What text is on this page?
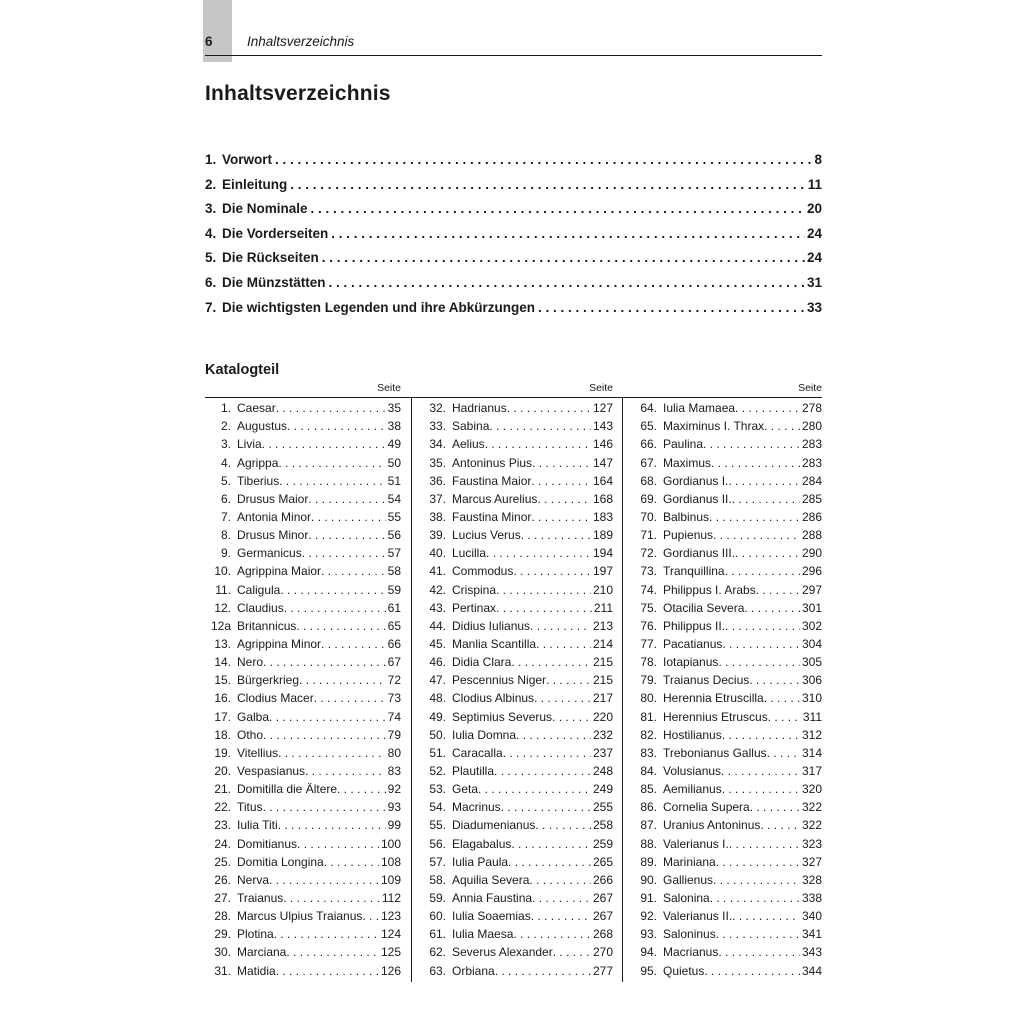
6	Inhaltsverzeichnis
Inhaltsverzeichnis
1. Vorwort . . .	8
2. Einleitung . . .	11
3. Die Nominale . . .	20
4. Die Vorderseiten . . .	24
5. Die Rückseiten . . .	24
6. Die Münzstätten . . .	31
7. Die wichtigsten Legenden und ihre Abkürzungen . . .	33
Katalogteil
Seite	Seite	Seite
1. Caesar . . .	35
2. Augustus . . .	38
3. Livia . . .	49
4. Agrippa . . .	50
5. Tiberius . . .	51
6. Drusus Maior . . .	54
7. Antonia Minor . . .	55
8. Drusus Minor . . .	56
9. Germanicus . . .	57
10. Agrippina Maior . . .	58
11. Caligula . . .	59
12. Claudius . . .	61
12a Britannicus . . .	65
13. Agrippina Minor . . .	66
14. Nero . . .	67
15. Bürgerkrieg . . .	72
16. Clodius Macer . . .	73
17. Galba . . .	74
18. Otho . . .	79
19. Vitellius . . .	80
20. Vespasianus . . .	83
21. Domitilla die Ältere . . .	92
22. Titus . . .	93
23. Iulia Titi . . .	99
24. Domitianus . . .	100
25. Domitia Longina . . .	108
26. Nerva . . .	109
27. Traianus . . .	112
28. Marcus Ulpius Traianus . . . 123
29. Plotina . . .	124
30. Marciana . . .	125
31. Matidia . . .	126
32. Hadrianus . . .	127
33. Sabina . . .	143
34. Aelius . . .	146
35. Antoninus Pius . . .	147
36. Faustina Maior . . .	164
37. Marcus Aurelius . . .	168
38. Faustina Minor . . .	183
39. Lucius Verus . . .	189
40. Lucilla . . .	194
41. Commodus . . .	197
42. Crispina . . .	210
43. Pertinax . . .	211
44. Didius Iulianus . . .	213
45. Manlia Scantilla . . .	214
46. Didia Clara . . .	215
47. Pescennius Niger . . .	215
48. Clodius Albinus . . .	217
49. Septimius Severus . . .	220
50. Iulia Domna . . .	232
51. Caracalla . . .	237
52. Plautilla . . .	248
53. Geta . . .	249
54. Macrinus . . .	255
55. Diadumenianus . . .	258
56. Elagabalus . . .	259
57. Iulia Paula . . .	265
58. Aquilia Severa . . .	266
59. Annia Faustina . . .	267
60. Iulia Soaemias . . .	267
61. Iulia Maesa . . .	268
62. Severus Alexander . . .	270
63. Orbiana . . .	277
64. Iulia Mamaea . . .	278
65. Maximinus I. Thrax . . .	280
66. Paulina . . .	283
67. Maximus . . .	283
68. Gordianus I. . . .	284
69. Gordianus II. . . .	285
70. Balbinus . . .	286
71. Pupienus . . .	288
72. Gordianus III. . . .	290
73. Tranquillina . . .	296
74. Philippus I. Arabs . . .	297
75. Otacilia Severa . . .	301
76. Philippus II. . . .	302
77. Pacatianus . . .	304
78. Iotapianus . . .	305
79. Traianus Decius . . .	306
80. Herennia Etruscilla . . .	310
81. Herennius Etruscus . . .	311
82. Hostilianus . . .	312
83. Trebonianus Gallus . . .	314
84. Volusianus . . .	317
85. Aemilianus . . .	320
86. Cornelia Supera . . .	322
87. Uranius Antoninus . . .	322
88. Valerianus I. . . .	323
89. Mariniana . . .	327
90. Gallienus . . .	328
91. Salonina . . .	338
92. Valerianus II. . . .	340
93. Saloninus . . .	341
94. Macrianus . . .	343
95. Quietus . . .	344
